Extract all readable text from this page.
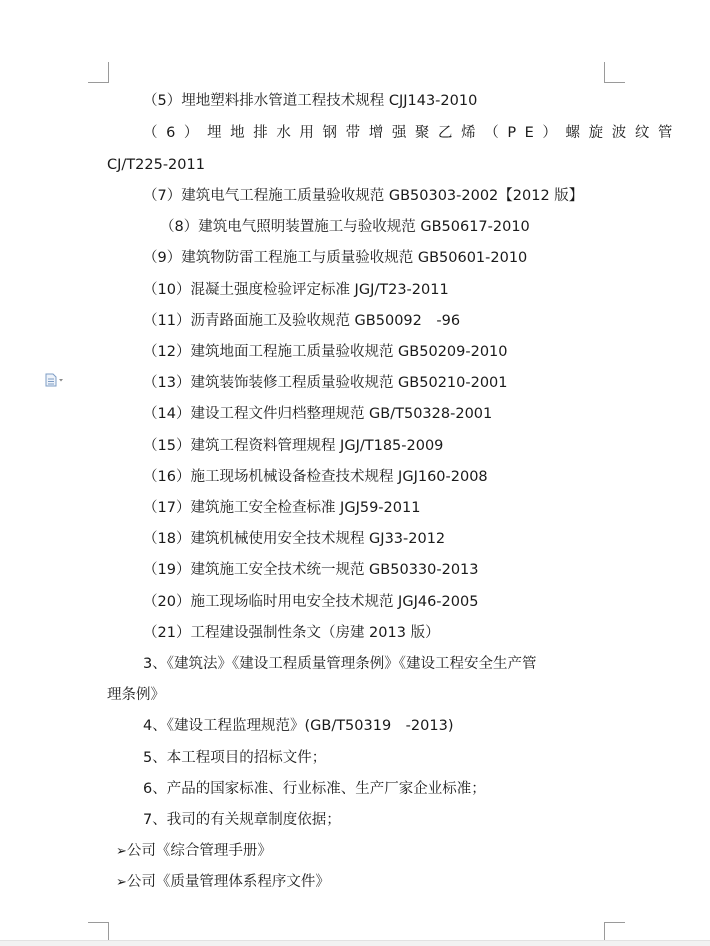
（5）埋地塑料排水管道工程技术规程 CJJ143-2010
（6）埋地排水用钢带增强聚乙烯（PE）螺旋波纹管
CJ/T225-2011
（7）建筑电气工程施工质量验收规范 GB50303-2002【2012 版】
（8）建筑电气照明装置施工与验收规范 GB50617-2010
（9）建筑物防雷工程施工与质量验收规范 GB50601-2010
（10）混凝土强度检验评定标准 JGJ/T23-2011
（11）沥青路面施工及验收规范 GB50092　-96
（12）建筑地面工程施工质量验收规范 GB50209-2010
（13）建筑装饰装修工程质量验收规范 GB50210-2001
（14）建设工程文件归档整理规范 GB/T50328-2001
（15）建筑工程资料管理规程 JGJ/T185-2009
（16）施工现场机械设备检查技术规程 JGJ160-2008
（17）建筑施工安全检查标准 JGJ59-2011
（18）建筑机械使用安全技术规程 GJ33-2012
（19）建筑施工安全技术统一规范 GB50330-2013
（20）施工现场临时用电安全技术规范 JGJ46-2005
（21）工程建设强制性条文（房建 2013 版）
3、《建筑法》《建设工程质量管理条例》《建设工程安全生产管
理条例》
4、《建设工程监理规范》(GB/T50319　-2013)
5、本工程项目的招标文件；
6、产品的国家标准、行业标准、生产厂家企业标准；
7、我司的有关规章制度依据；
➢公司《综合管理手册》
➢公司《质量管理体系程序文件》
